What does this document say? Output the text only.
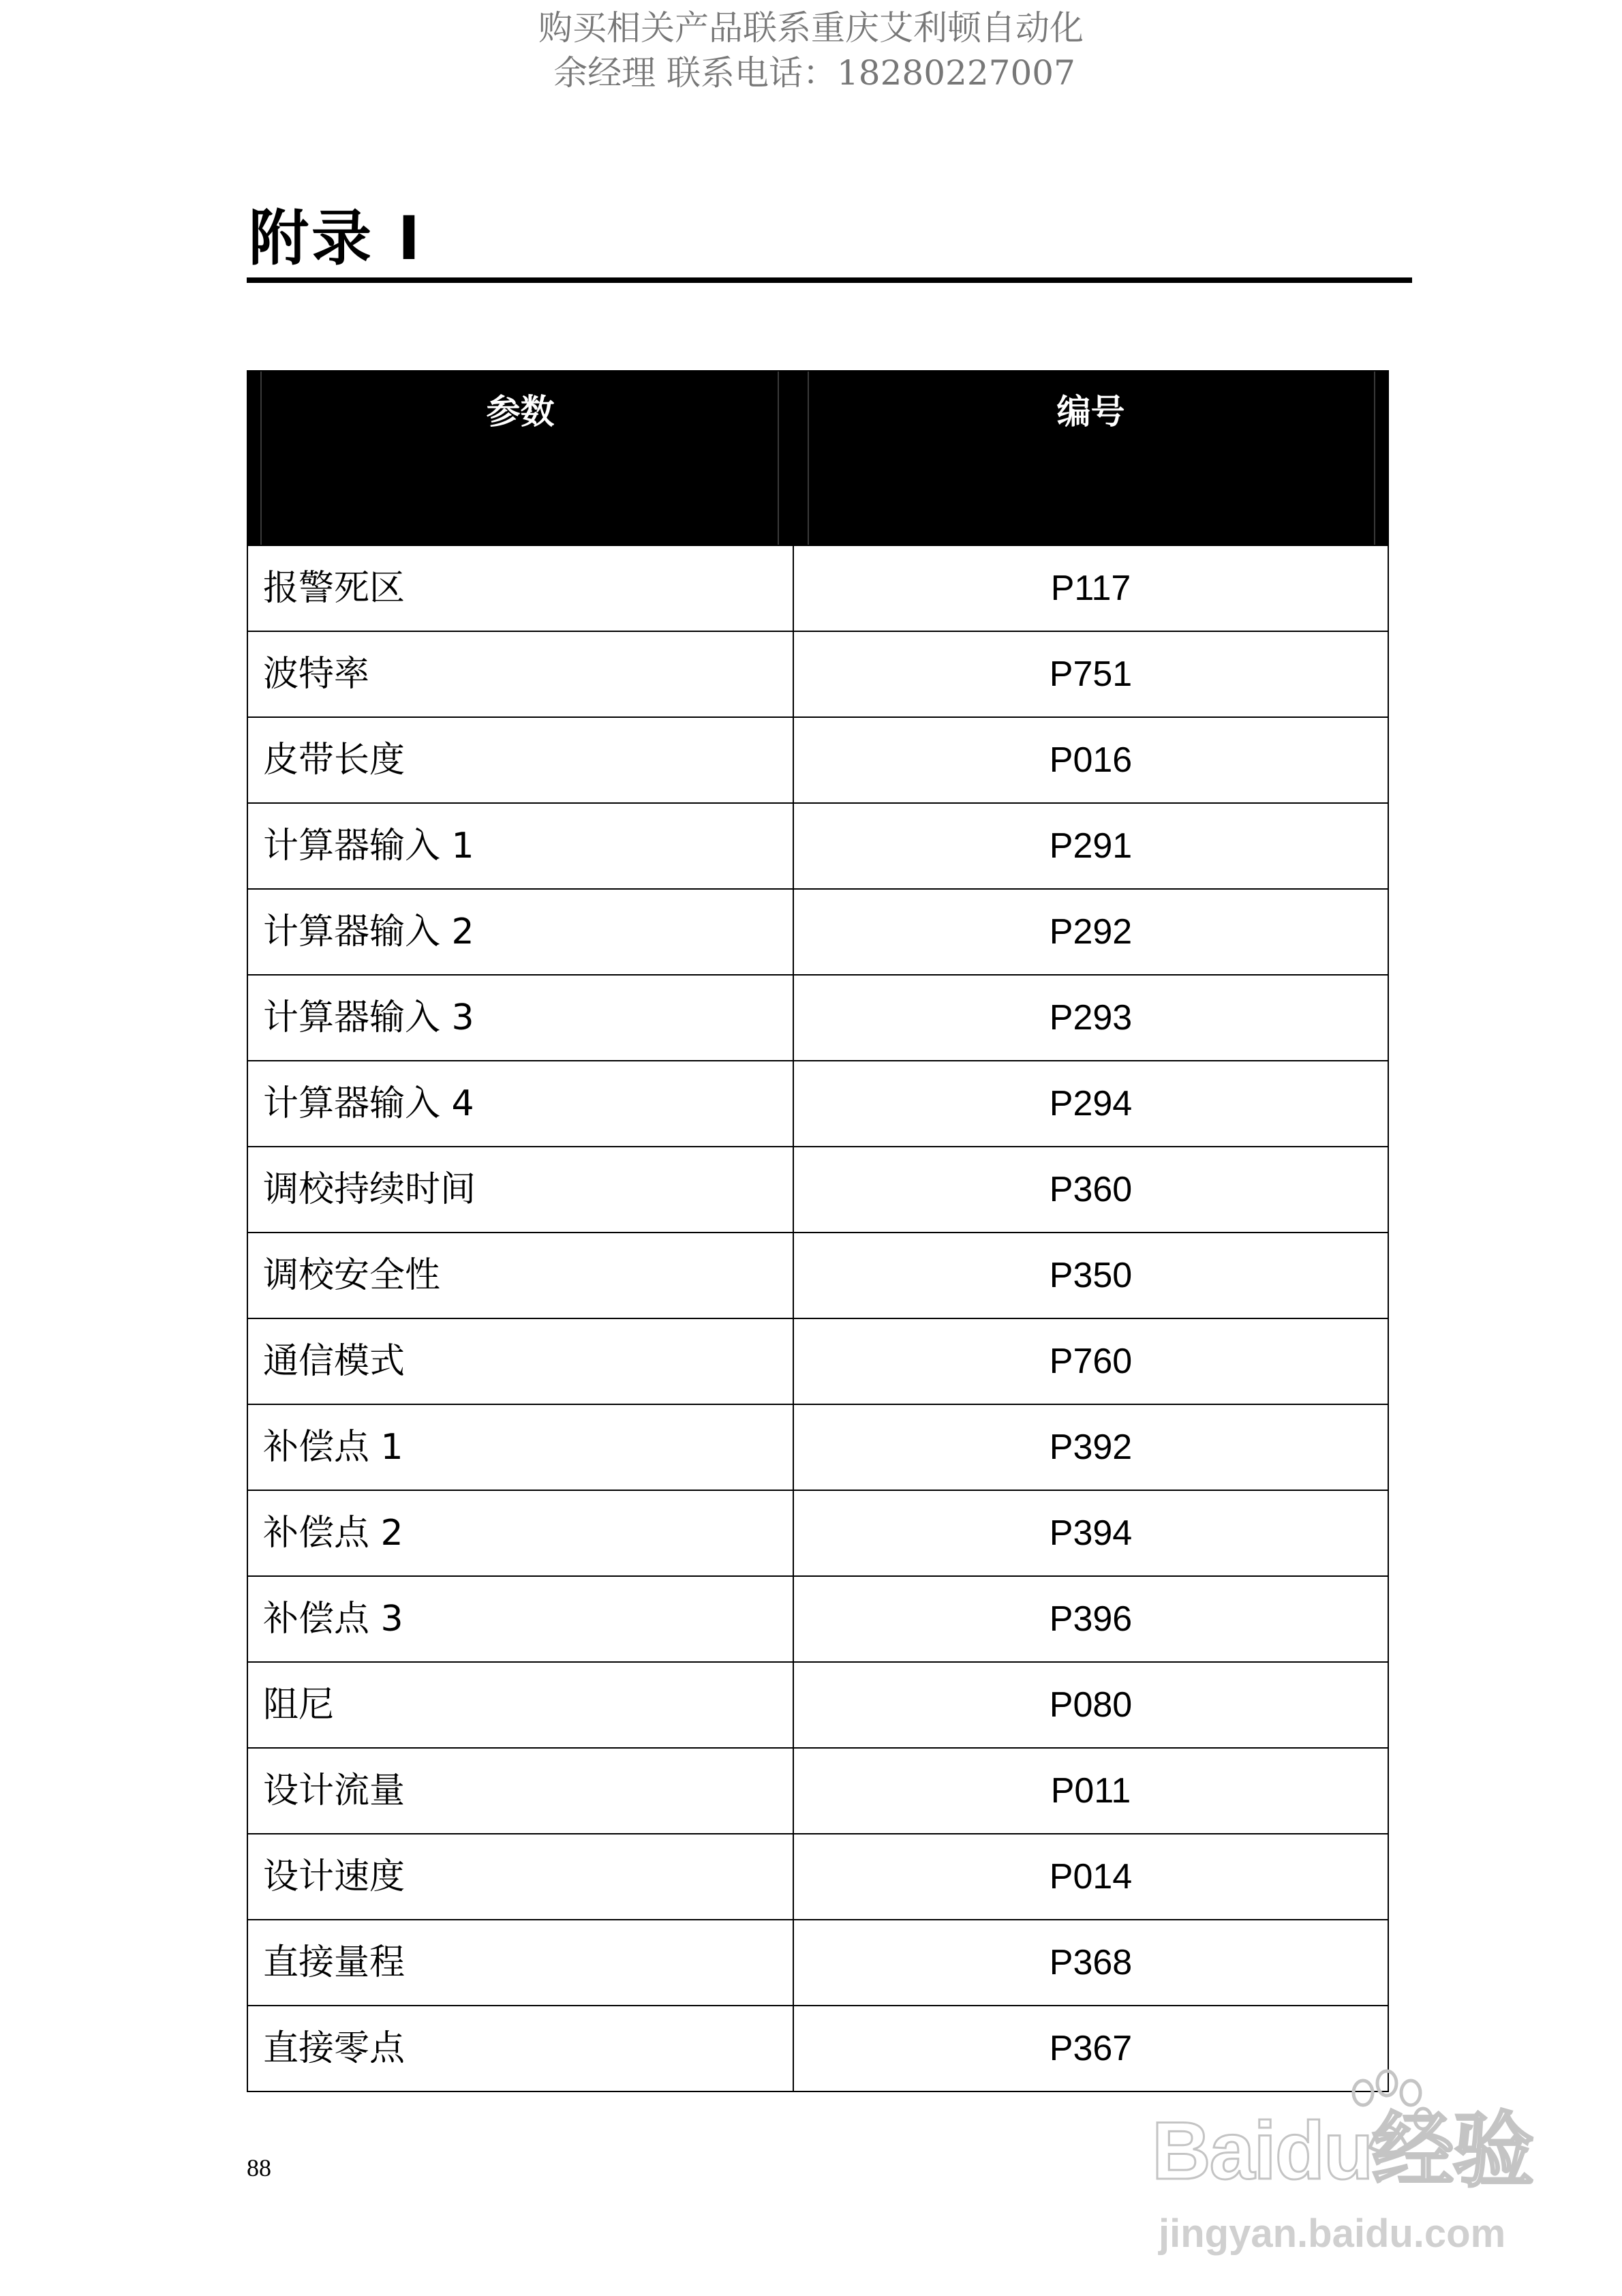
购买相关产品联系重庆艾利顿自动化
余经理 联系电话：18280227007
附录 I
参数	编号

报警死区	P117
波特率	P751
皮带长度	P016
计算器输入 1	P291
计算器输入 2	P292
计算器输入 3	P293
计算器输入 4	P294
调校持续时间	P360
调校安全性	P350
通信模式	P760
补偿点 1	P392
补偿点 2	P394
补偿点 3	P396
阻尼	P080
设计流量	P011
设计速度	P014
直接量程	P368
直接零点	P367
88	Baidu经验
jingyan.baidu.com
